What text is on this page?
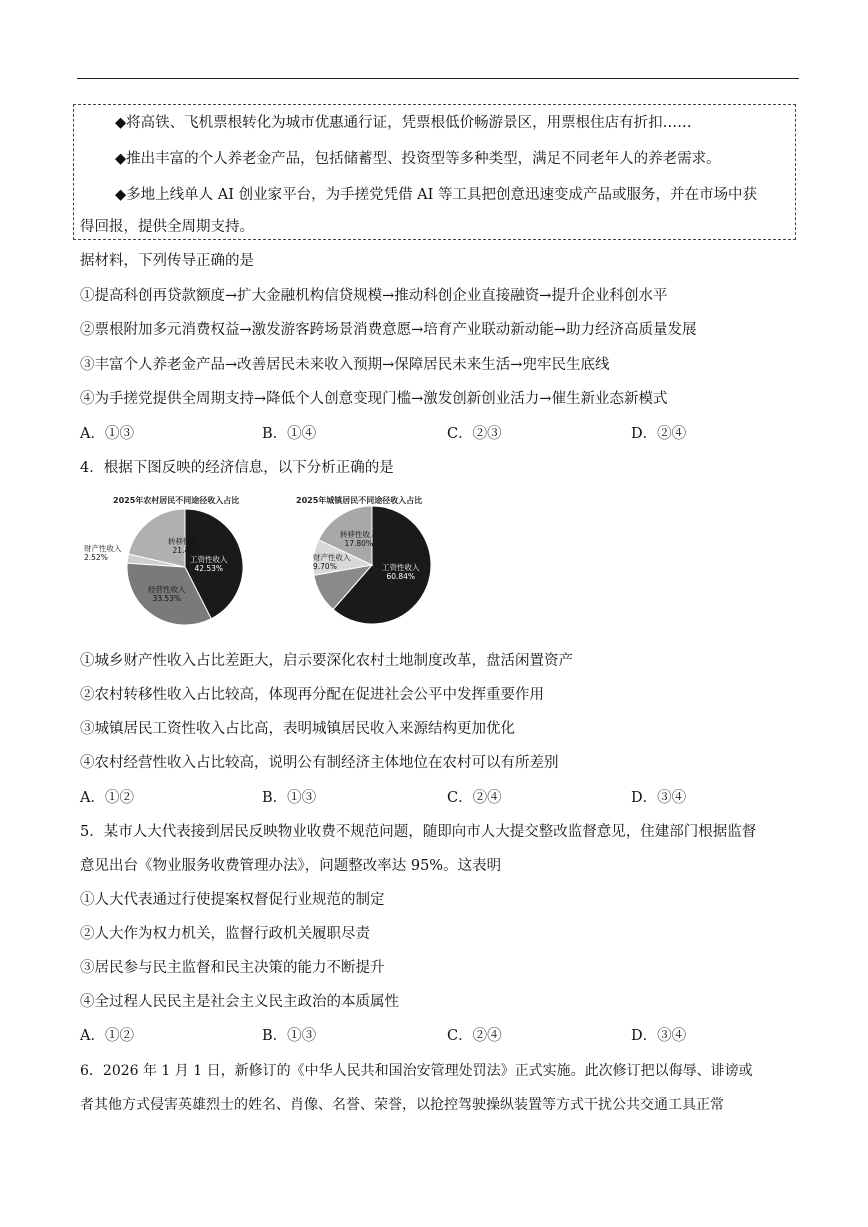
◆将高铁、飞机票根转化为城市优惠通行证，凭票根低价畅游景区，用票根住店有折扣……
◆推出丰富的个人养老金产品，包括储蓄型、投资型等多种类型，满足不同老年人的养老需求。
◆多地上线单人 AI 创业家平台，为手搓党凭借 AI 等工具把创意迅速变成产品或服务，并在市场中获
得回报，提供全周期支持。
据材料，下列传导正确的是
①提高科创再贷款额度→扩大金融机构信贷规模→推动科创企业直接融资→提升企业科创水平
②票根附加多元消费权益→激发游客跨场景消费意愿→培育产业联动新动能→助力经济高质量发展
③丰富个人养老金产品→改善居民未来收入预期→保障居民未来生活→兜牢民生底线
④为手搓党提供全周期支持→降低个人创意变现门槛→激发创新创业活力→催生新业态新模式
A．①③	B．①④	C．②③	D．②④
4．根据下图反映的经济信息，以下分析正确的是
2025年农村居民不同途径收入占比
转移性收入
21.40%
工资性收入
42.53%
经营性收入
33.53%
财产性收入
2.52%
2025年城镇居民不同途径收入占比
转移性收入
17.80%
工资性收入
60.84%
财产性收入
9.70%
①城乡财产性收入占比差距大，启示要深化农村土地制度改革，盘活闲置资产
②农村转移性收入占比较高，体现再分配在促进社会公平中发挥重要作用
③城镇居民工资性收入占比高，表明城镇居民收入来源结构更加优化
④农村经营性收入占比较高，说明公有制经济主体地位在农村可以有所差别
A．①②	B．①③	C．②④	D．③④
5．某市人大代表接到居民反映物业收费不规范问题，随即向市人大提交整改监督意见，住建部门根据监督
意见出台《物业服务收费管理办法》，问题整改率达 95%。这表明
①人大代表通过行使提案权督促行业规范的制定
②人大作为权力机关，监督行政机关履职尽责
③居民参与民主监督和民主决策的能力不断提升
④全过程人民民主是社会主义民主政治的本质属性
A．①②	B．①③	C．②④	D．③④
6．2026 年 1 月 1 日，新修订的《中华人民共和国治安管理处罚法》正式实施。此次修订把以侮辱、诽谤或
者其他方式侵害英雄烈士的姓名、肖像、名誉、荣誉，以抢控驾驶操纵装置等方式干扰公共交通工具正常
